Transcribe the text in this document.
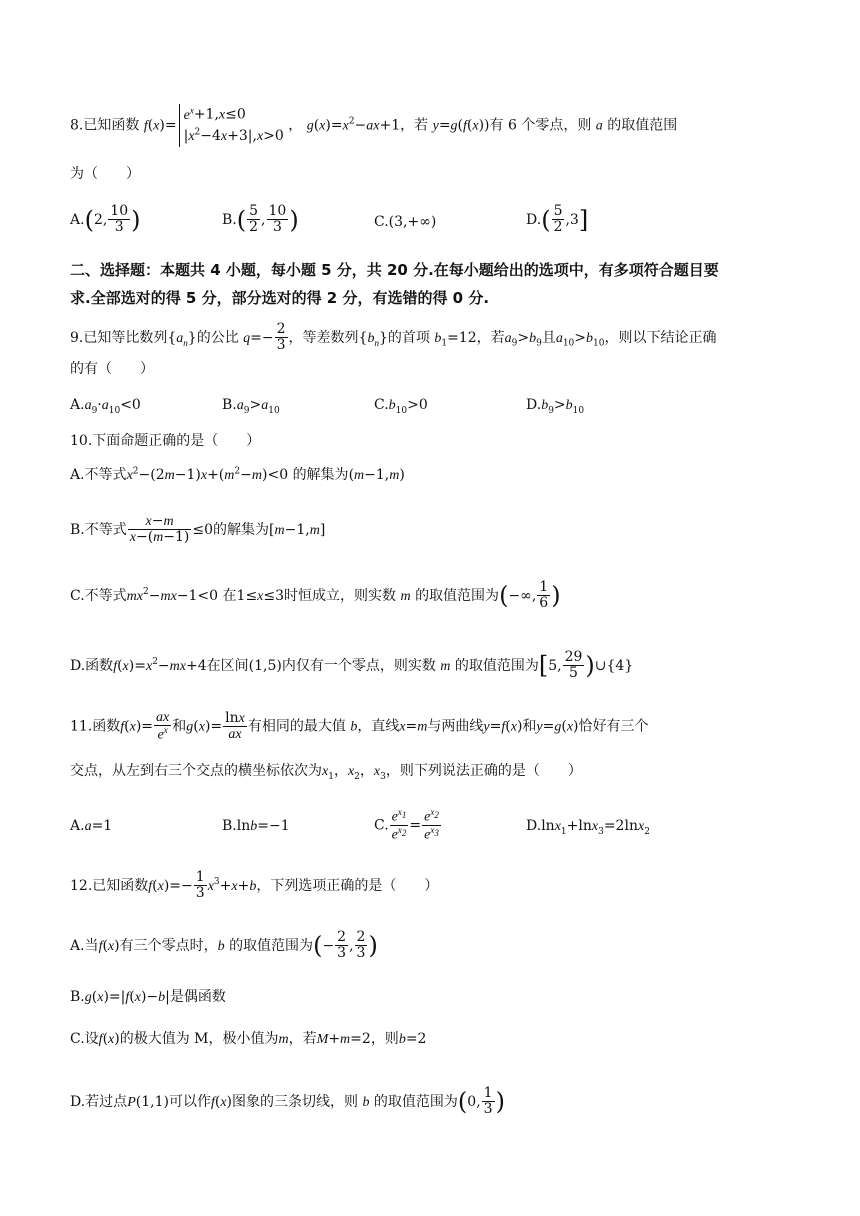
8.已知函数 $f(x)=e^x+1,x\le 0$
$|x^2-4x+3|,x>0$ ， $g(x)=x^2-ax+1$，若 y=g(f(x))有 6 个零点，则 a 的取值范围
为（　　）
A.(2, $\frac{10}{3}$ )	$B.( \frac{5}{2}$ , $\frac{10}{3}$ )	C.(3,+∞)	$D.( \frac{5}{2} ,3]$
二、选择题：本题共 4 小题，每小题 5 分，共 20 分.在每小题给出的选项中，有多项符合题目要
求.全部选对的得 5 分，部分选对的得 2 分，有选错的得 0 分.
9.已知等比数列$\{a_n\}$的公比 $q=- \frac{2}{3}$ ，等差数列$\{b_n\}$的首项 $b_1=12$，若$a_9>b_9$且$a_{10}>b_{10}$，则以下结论正确
的有（　　）
$A.a_9\cdot a_{10}<0$	$B.a_9>a_{10}$	$C.b_{10}>0$	$D.b_9>b_{10}$
10.下面命题正确的是（　　）
A.不等式$x^2-(2m-1)x+(m^2-m)<0$ 的解集为(m−1,m)
B.不等式 $\frac{x-m}{x-(m-1)} \le 0$的解集为[m−1,m]
C.不等式$mx^2-mx-1<0$ 在1≤x≤3时恒成立，则实数 m 的取值范围为(−∞, $\frac{1}{6}$ )
D.函数$f(x)=x^2-mx+4$在区间(1,5)内仅有一个零点，则实数 m 的取值范围为[5, $\frac{29}{5}$ )∪{4}
11.函数$f(x)= \frac{ax}{e^x}$ 和$g(x)= \frac{\ln x}{ax}$ 有相同的最大值 b，直线x=m与两曲线y=f(x)和y=g(x)恰好有三个
交点，从左到右三个交点的横坐标依次为$x_1$，$x_2$，$x_3$，则下列说法正确的是（　　）
A.a=1	B.lnb=−1	C. $\frac{e^{x_1}}{e^{x_2}} = \frac{e^{x_2}}{e^{x_3}}$	D.lnx$_1$+lnx$_3$=2lnx$_2$
12.已知函数$f(x)=- \frac{1}{3} x^3+x+b$，下列选项正确的是（　　）
A.当f(x)有三个零点时，b 的取值范围为(− $\frac{2}{3}$ , $\frac{2}{3}$ )
B.g(x)=|f(x)−b|是偶函数
C.设f(x)的极大值为 M，极小值为m，若M+m=2，则b=2
D.若过点P(1,1)可以作f(x)图象的三条切线，则 b 的取值范围为(0, $\frac{1}{3}$ )
